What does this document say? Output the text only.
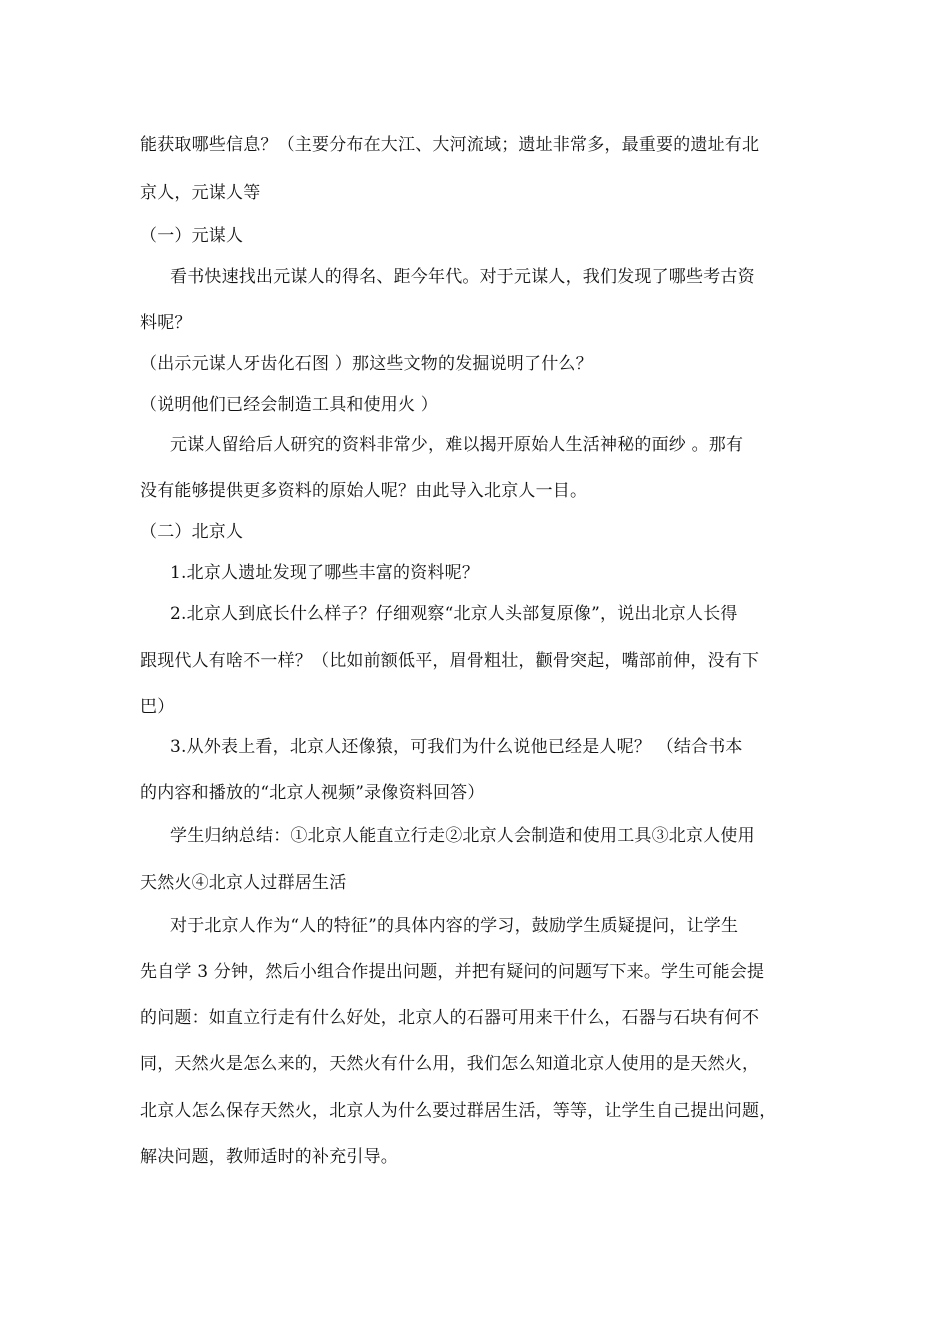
能获取哪些信息？（主要分布在大江、大河流域；遗址非常多，最重要的遗址有北
京人，元谋人等
（一）元谋人
看书快速找出元谋人的得名、距今年代。对于元谋人，我们发现了哪些考古资
料呢？
（出示元谋人牙齿化石图 ）那这些文物的发掘说明了什么？
（说明他们已经会制造工具和使用火 ）
元谋人留给后人研究的资料非常少，难以揭开原始人生活神秘的面纱 。那有
没有能够提供更多资料的原始人呢？由此导入北京人一目。
（二）北京人
1.北京人遗址发现了哪些丰富的资料呢？
2.北京人到底长什么样子？仔细观察“北京人头部复原像”，说出北京人长得
跟现代人有啥不一样？（比如前额低平，眉骨粗壮，颧骨突起，嘴部前伸，没有下
巴）
3.从外表上看，北京人还像猿，可我们为什么说他已经是人呢？ （结合书本
的内容和播放的“北京人视频”录像资料回答）
学生归纳总结：①北京人能直立行走②北京人会制造和使用工具③北京人使用
天然火④北京人过群居生活
对于北京人作为“人的特征”的具体内容的学习，鼓励学生质疑提问，让学生
先自学 3 分钟，然后小组合作提出问题，并把有疑问的问题写下来。学生可能会提
的问题：如直立行走有什么好处，北京人的石器可用来干什么，石器与石块有何不
同，天然火是怎么来的，天然火有什么用，我们怎么知道北京人使用的是天然火，
北京人怎么保存天然火，北京人为什么要过群居生活，等等，让学生自己提出问题，
解决问题，教师适时的补充引导。
